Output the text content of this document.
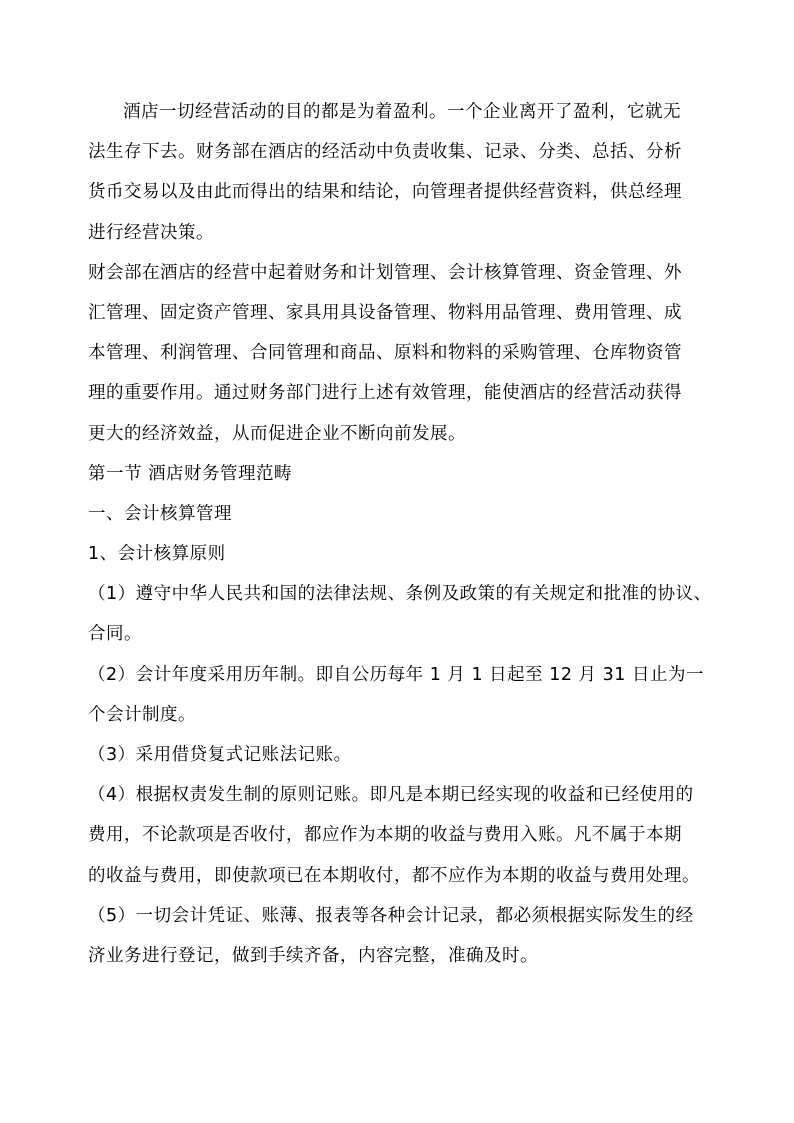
酒店一切经营活动的目的都是为着盈利。一个企业离开了盈利，它就无
法生存下去。财务部在酒店的经活动中负责收集、记录、分类、总括、分析
货币交易以及由此而得出的结果和结论，向管理者提供经营资料，供总经理
进行经营决策。
财会部在酒店的经营中起着财务和计划管理、会计核算管理、资金管理、外
汇管理、固定资产管理、家具用具设备管理、物料用品管理、费用管理、成
本管理、利润管理、合同管理和商品、原料和物料的采购管理、仓库物资管
理的重要作用。通过财务部门进行上述有效管理，能使酒店的经营活动获得
更大的经济效益，从而促进企业不断向前发展。
第一节 酒店财务管理范畴
一、会计核算管理
1、会计核算原则
（1）遵守中华人民共和国的法律法规、条例及政策的有关规定和批准的协议、
合同。
（2）会计年度采用历年制。即自公历每年 1 月 1 日起至 12 月 31 日止为一
个会计制度。
（3）采用借贷复式记账法记账。
（4）根据权责发生制的原则记账。即凡是本期已经实现的收益和已经使用的
费用，不论款项是否收付，都应作为本期的收益与费用入账。凡不属于本期
的收益与费用，即使款项已在本期收付，都不应作为本期的收益与费用处理。
（5）一切会计凭证、账薄、报表等各种会计记录，都必须根据实际发生的经
济业务进行登记，做到手续齐备，内容完整，准确及时。
